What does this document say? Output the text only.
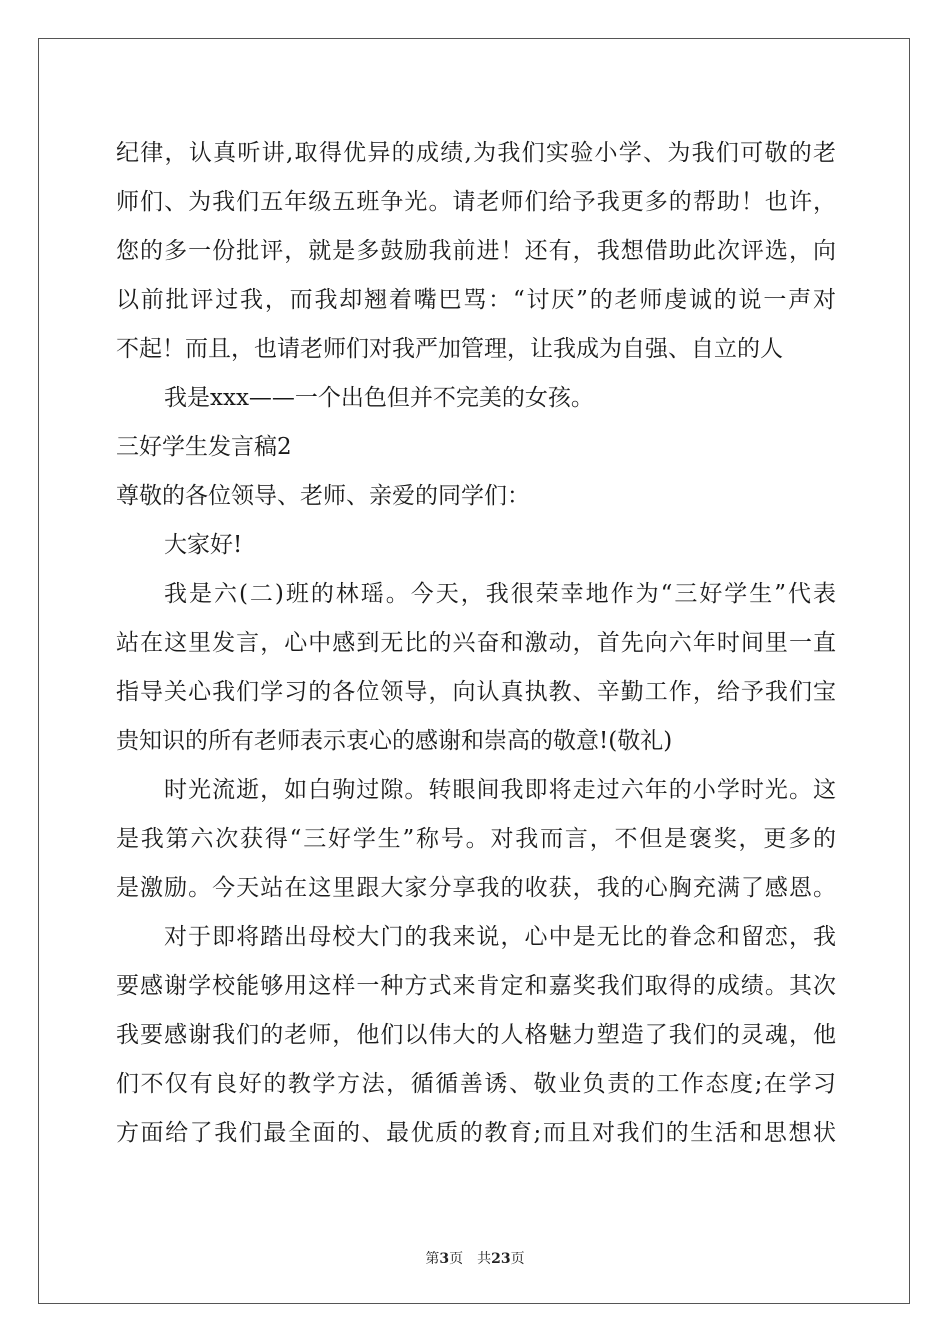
纪律，认真听讲,取得优异的成绩,为我们实验小学、为我们可敬的老
师们、为我们五年级五班争光。请老师们给予我更多的帮助！也许，
您的多一份批评，就是多鼓励我前进！还有，我想借助此次评选，向
以前批评过我，而我却翘着嘴巴骂：“讨厌”的老师虔诚的说一声对
不起！而且，也请老师们对我严加管理，让我成为自强、自立的人
我是xxx——一个出色但并不完美的女孩。
三好学生发言稿2
尊敬的各位领导、老师、亲爱的同学们：
大家好!
我是六(二)班的林瑶。今天，我很荣幸地作为“三好学生”代表
站在这里发言，心中感到无比的兴奋和激动，首先向六年时间里一直
指导关心我们学习的各位领导，向认真执教、辛勤工作，给予我们宝
贵知识的所有老师表示衷心的感谢和崇高的敬意!(敬礼)
时光流逝，如白驹过隙。转眼间我即将走过六年的小学时光。这
是我第六次获得“三好学生”称号。对我而言，不但是褒奖，更多的
是激励。今天站在这里跟大家分享我的收获，我的心胸充满了感恩。
对于即将踏出母校大门的我来说，心中是无比的眷念和留恋，我
要感谢学校能够用这样一种方式来肯定和嘉奖我们取得的成绩。其次
我要感谢我们的老师，他们以伟大的人格魅力塑造了我们的灵魂，他
们不仅有良好的教学方法，循循善诱、敬业负责的工作态度;在学习
方面给了我们最全面的、最优质的教育;而且对我们的生活和思想状
第3页 共23页
